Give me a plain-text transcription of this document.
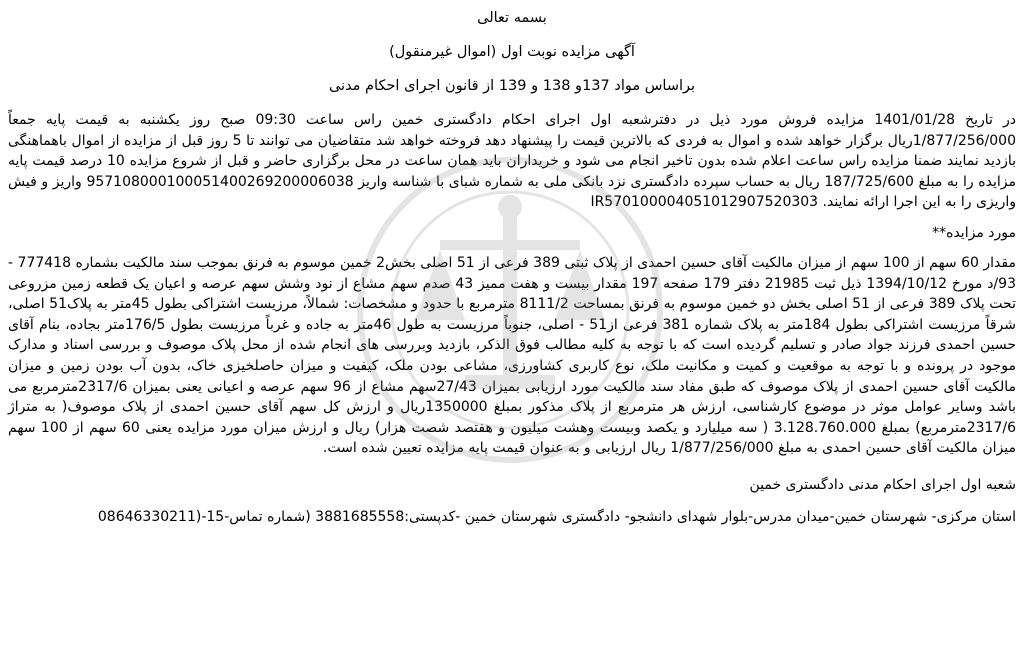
بسمه تعالی
آگهی مزایده نوبت اول (اموال غیرمنقول)
براساس مواد 137و 138 و 139 از قانون اجرای احکام مدنی

در تاریخ 1401/01/28 مزایده فروش مورد ذیل در دفترشعبه اول اجرای احکام دادگستری خمین راس ساعت 09:30 صبح روز یکشنبه به قیمت پایه جمعاً 1/877/256/000ریال برگزار خواهد شده و اموال به فردی که بالاترین قیمت را پیشنهاد دهد فروخته خواهد شد متقاضیان می توانند تا 5 روز قبل از مزایده از اموال باهماهنگی بازدید نمایند ضمنا مزایده راس ساعت اعلام شده بدون تاخیر انجام می شود و خریداران باید همان ساعت در محل برگزاری حاضر و قبل از شروع مزایده 10 درصد قیمت پایه مزایده را به مبلغ 187/725/600 ریال به حساب سپرده دادگستری نزد بانکی ملی به شماره شبای با شناسه واریز 957108000100051400269200006038 واریز و فیش واریزی را به این اجرا ارائه نمایند. IR570100004051012907520303

مورد مزایده**

مقدار 60 سهم از 100 سهم از میزان مالکیت آقای حسین احمدی از پلاک ثبتی 389 فرعی از 51 اصلی بخش2 خمین موسوم به فرنق بموجب سند مالکیت بشماره 777418 - 93/د مورخ 1394/10/12 ذیل ثبت 21985 دفتر 179 صفحه 197 مقدار بیست و هفت ممیز 43 صدم سهم مشاع از نود وشش سهم عرصه و اعیان یک قطعه زمین مزروعی تحت پلاک 389 فرعی از 51 اصلی بخش دو خمین موسوم به فرنق بمساحت 8111/2 مترمربع با حدود و مشخصات: شمالاً، مرزیست اشتراکی بطول 45متر به پلاک51 اصلی، شرقاً مرزیست اشتراکی بطول 184متر به پلاک شماره 381 فرعی از51 - اصلی، جنوباً مرزیست به طول 46متر به جاده و غرباً مرزیست بطول 176/5متر بجاده، بنام آقای حسین احمدی فرزند جواد صادر و تسلیم گردیده است که با توجه به کلیه مطالب فوق الذکر، بازدید وبررسی های انجام شده از محل پلاک موصوف و بررسی اسناد و مدارک موجود در پرونده و با توجه به موقعیت و کمیت و مکانیت ملک، نوع کاربری کشاورزی، مشاعی بودن ملک، کیفیت و میزان حاصلخیزی خاک، بدون آب بودن زمین و میزان مالکیت آقای حسین احمدی از پلاک موصوف که طبق مفاد سند مالکیت مورد ارزیابی بمیزان 27/43سهم مشاع از 96 سهم عرصه و اعیانی یعنی بمیزان 2317/6مترمربع می باشد وسایر عوامل موثر در موضوع کارشناسی، ارزش هر مترمربع از پلاک مذکور بمبلغ 1350000ریال و ارزش کل سهم آقای حسین احمدی از پلاک موصوف( به متراژ 2317/6مترمربع) بمبلغ 3.128.760.000 ( سه میلیارد و یکصد وبیست وهشت میلیون و هفتصد شصت هزار) ریال و ارزش میزان مورد مزایده یعنی 60 سهم از 100 سهم میزان مالکیت آقای حسین احمدی به مبلغ 1/877/256/000 ریال ارزیابی و به عنوان قیمت پایه مزایده تعیین شده است.

شعبه اول اجرای احکام مدنی دادگستری خمین
استان مرکزی- شهرستان خمین-میدان مدرس-بلوار شهدای دانشجو- دادگستری شهرستان خمین -کدپستی:3881685558 (شماره تماس-15-(08646330211
